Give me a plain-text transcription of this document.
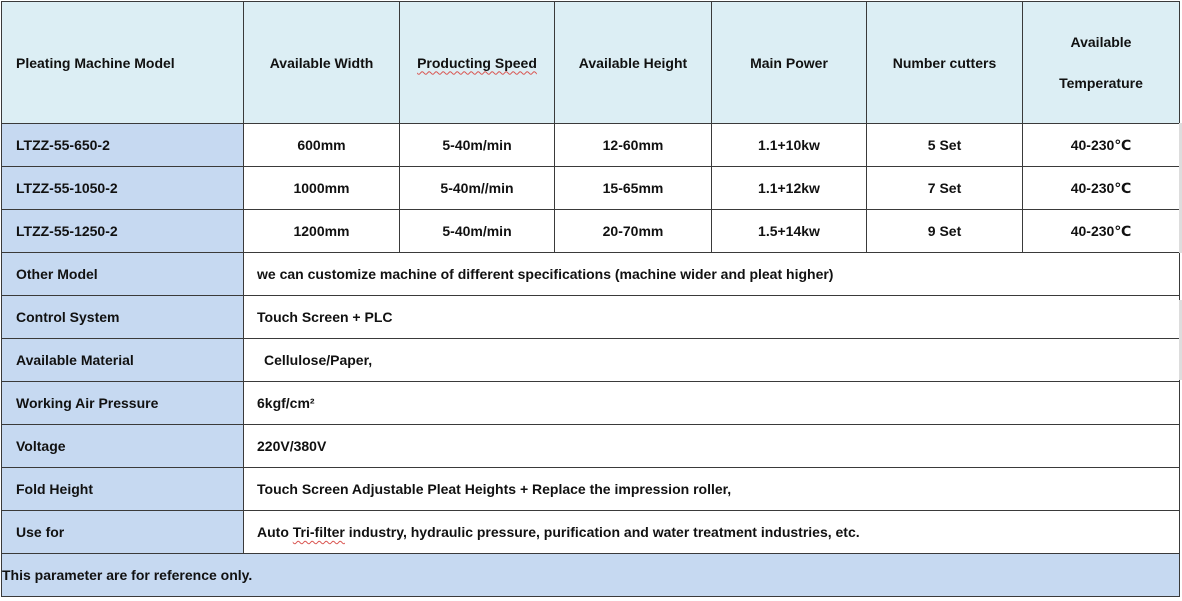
Pleating Machine Model	Available Width	Producting Speed	Available Height	Main Power	Number cutters	Available
Temperature

LTZZ-55-650-2	600mm	5-40m/min	12-60mm	1.1+10kw	5 Set	40-230℃
LTZZ-55-1050-2	1000mm	5-40m//min	15-65mm	1.1+12kw	7 Set	40-230℃
LTZZ-55-1250-2	1200mm	5-40m/min	20-70mm	1.5+14kw	9 Set	40-230℃
Other Model	we can customize machine of different specifications (machine wider and pleat higher)					
Control System	Touch Screen + PLC					
Available Material	Cellulose/Paper,					
Working Air Pressure	6kgf/cm²					
Voltage	220V/380V					
Fold Height	Touch Screen Adjustable Pleat Heights + Replace the impression roller,					
Use for	Auto Tri-filter industry, hydraulic pressure, purification and water treatment industries, etc.					
This parameter are for reference only.						
